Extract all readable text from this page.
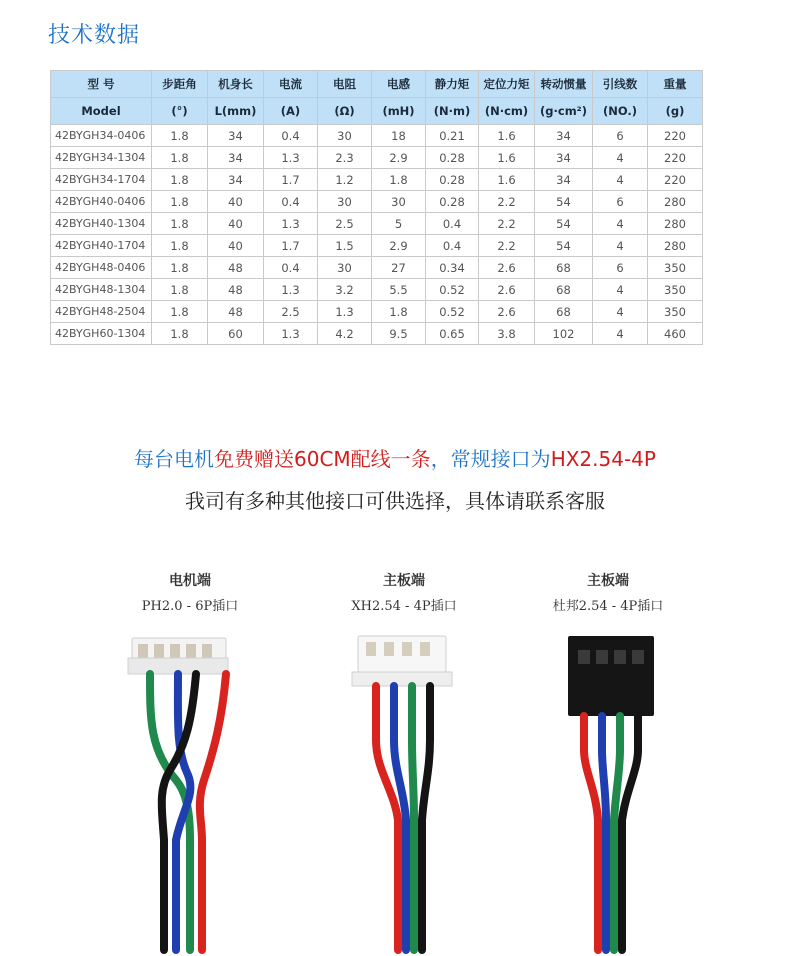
技术数据
型 号	步距角	机身长	电流	电阻	电感	静力矩	定位力矩	转动惯量	引线数	重量
Model	(°)	L(mm)	(A)	(Ω)	(mH)	(N·m)	(N·cm)	(g·cm²)	(NO.)	(g)
42BYGH34-0406	1.8	34	0.4	30	18	0.21	1.6	34	6	220
42BYGH34-1304	1.8	34	1.3	2.3	2.9	0.28	1.6	34	4	220
42BYGH34-1704	1.8	34	1.7	1.2	1.8	0.28	1.6	34	4	220
42BYGH40-0406	1.8	40	0.4	30	30	0.28	2.2	54	6	280
42BYGH40-1304	1.8	40	1.3	2.5	5	0.4	2.2	54	4	280
42BYGH40-1704	1.8	40	1.7	1.5	2.9	0.4	2.2	54	4	280
42BYGH48-0406	1.8	48	0.4	30	27	0.34	2.6	68	6	350
42BYGH48-1304	1.8	48	1.3	3.2	5.5	0.52	2.6	68	4	350
42BYGH48-2504	1.8	48	2.5	1.3	1.8	0.52	2.6	68	4	350
42BYGH60-1304	1.8	60	1.3	4.2	9.5	0.65	3.8	102	4	460
每台电机免费赠送60CM配线一条，常规接口为HX2.54-4P
我司有多种其他接口可供选择，具体请联系客服
电机端
PH2.0 - 6P插口
主板端
XH2.54 - 4P插口
主板端
杜邦2.54 - 4P插口
